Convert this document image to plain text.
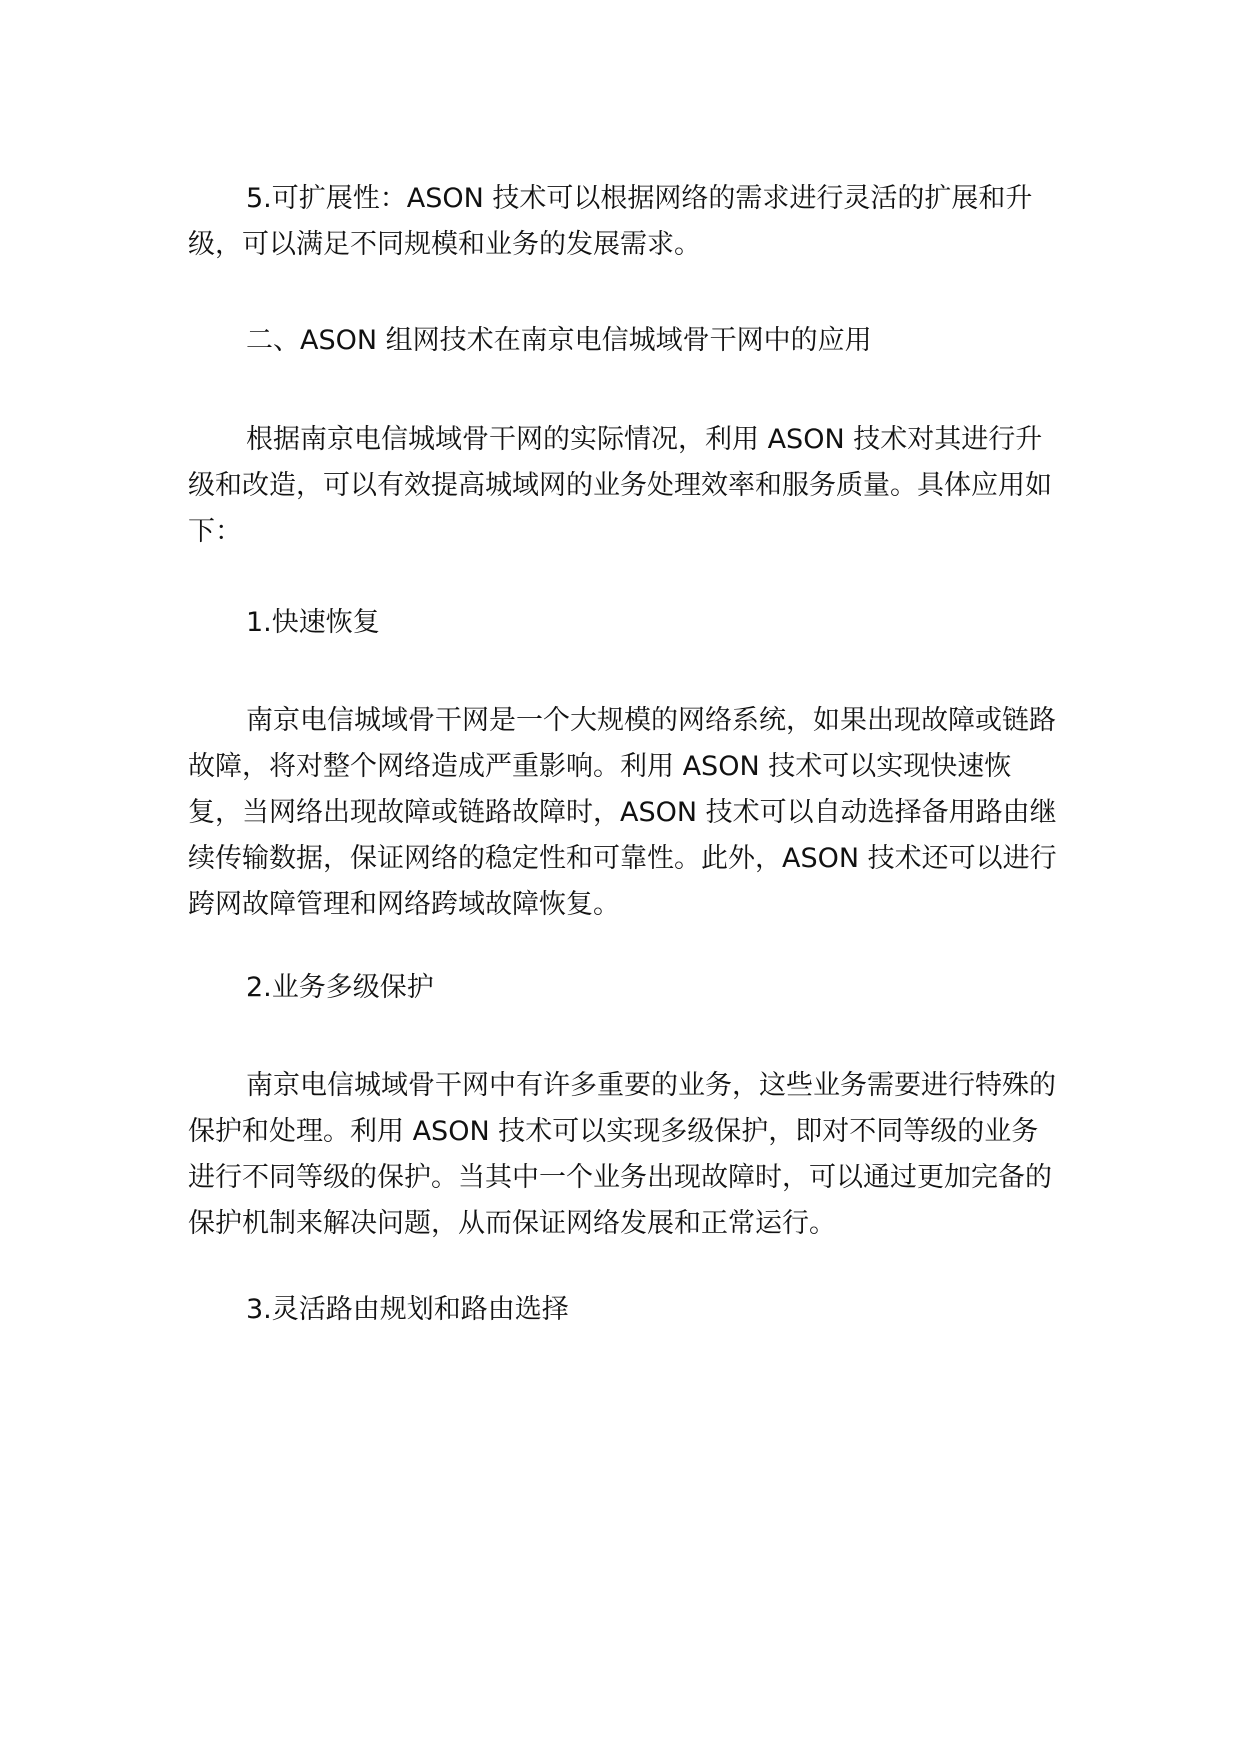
5.可扩展性：ASON 技术可以根据网络的需求进行灵活的扩展和升级，可以满足不同规模和业务的发展需求。

二、ASON 组网技术在南京电信城域骨干网中的应用

根据南京电信城域骨干网的实际情况，利用 ASON 技术对其进行升级和改造，可以有效提高城域网的业务处理效率和服务质量。具体应用如下：

1.快速恢复

南京电信城域骨干网是一个大规模的网络系统，如果出现故障或链路故障，将对整个网络造成严重影响。利用 ASON 技术可以实现快速恢复，当网络出现故障或链路故障时，ASON 技术可以自动选择备用路由继续传输数据，保证网络的稳定性和可靠性。此外，ASON 技术还可以进行跨网故障管理和网络跨域故障恢复。

2.业务多级保护

南京电信城域骨干网中有许多重要的业务，这些业务需要进行特殊的保护和处理。利用 ASON 技术可以实现多级保护，即对不同等级的业务进行不同等级的保护。当其中一个业务出现故障时，可以通过更加完备的保护机制来解决问题，从而保证网络发展和正常运行。

3.灵活路由规划和路由选择
